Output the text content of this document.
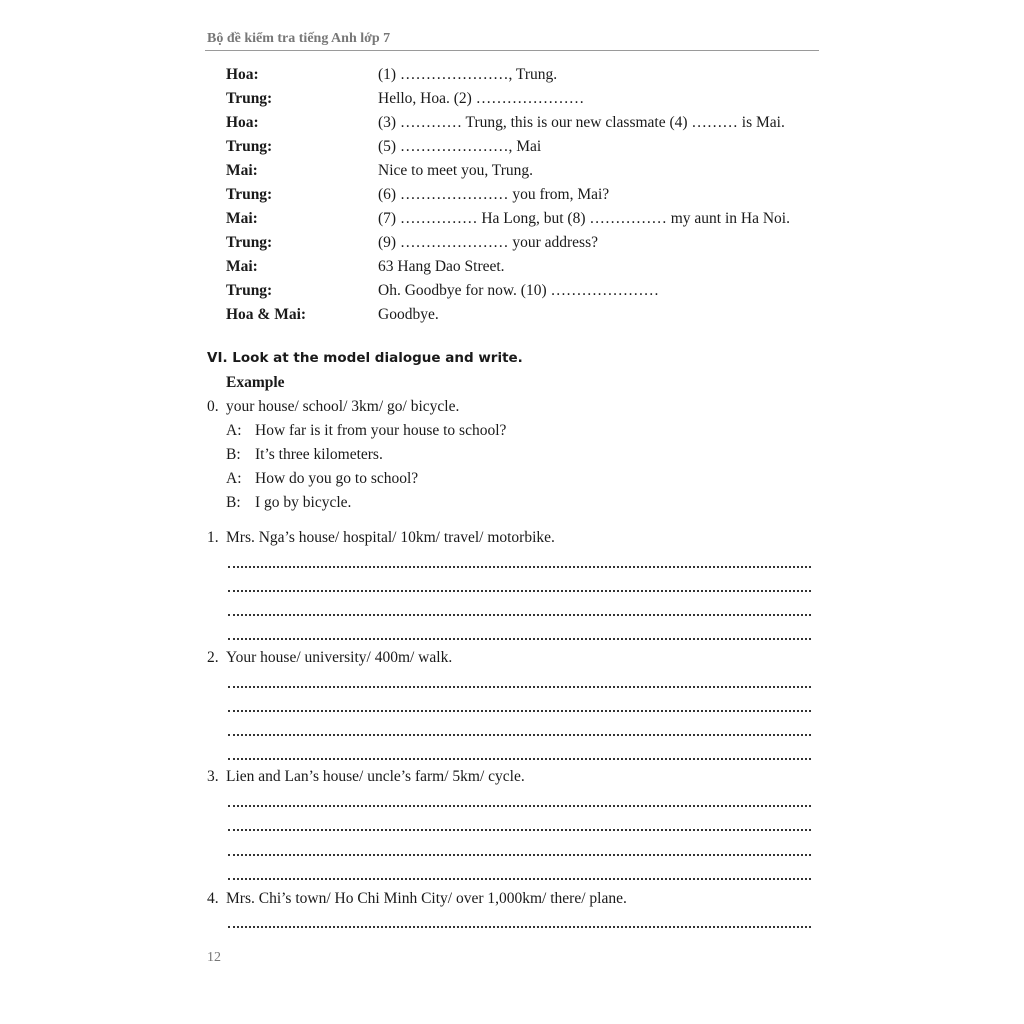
Bộ đề kiểm tra tiếng Anh lớp 7
Hoa:	(1) …………………, Trung.
Trung:	Hello, Hoa. (2) …………………
Hoa:	(3) ………… Trung, this is our new classmate (4) ……… is Mai.
Trung:	(5) …………………, Mai
Mai:	Nice to meet you, Trung.
Trung:	(6) ………………… you from, Mai?
Mai:	(7) …………… Ha Long, but (8) …………… my aunt in Ha Noi.
Trung:	(9) ………………… your address?
Mai:	63 Hang Dao Street.
Trung:	Oh. Goodbye for now. (10) …………………
Hoa & Mai:	Goodbye.
VI. Look at the model dialogue and write.
Example
0. your house/ school/ 3km/ go/ bicycle.
A: How far is it from your house to school?
B: It’s three kilometers.
A: How do you go to school?
B: I go by bicycle.
1. Mrs. Nga’s house/ hospital/ 10km/ travel/ motorbike.
2. Your house/ university/ 400m/ walk.
3. Lien and Lan’s house/ uncle’s farm/ 5km/ cycle.
4. Mrs. Chi’s town/ Ho Chi Minh City/ over 1,000km/ there/ plane.
12
